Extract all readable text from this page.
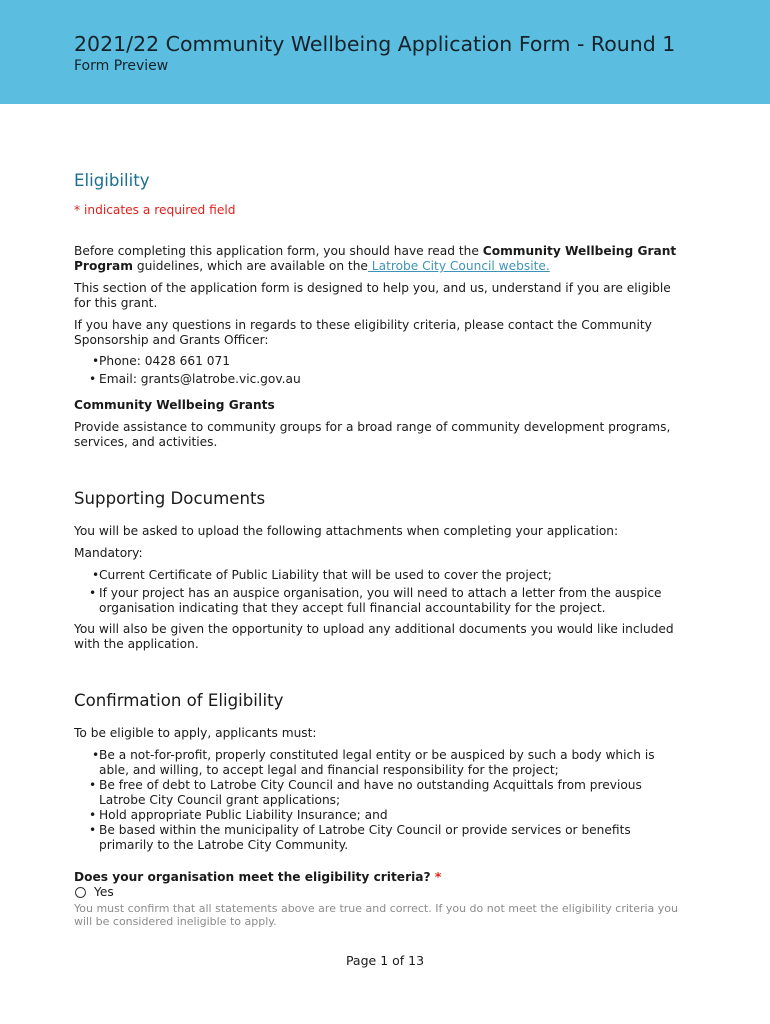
2021/22 Community Wellbeing Application Form - Round 1
Form Preview
Eligibility
* indicates a required field

Before completing this application form, you should have read the Community Wellbeing Grant Program guidelines, which are available on the Latrobe City Council website.

This section of the application form is designed to help you, and us, understand if you are eligible for this grant.

If you have any questions in regards to these eligibility criteria, please contact the Community Sponsorship and Grants Officer:

• Phone: 0428 661 071
• Email: grants@latrobe.vic.gov.au

Community Wellbeing Grants

Provide assistance to community groups for a broad range of community development programs, services, and activities.

Supporting Documents

You will be asked to upload the following attachments when completing your application:

Mandatory:

• Current Certificate of Public Liability that will be used to cover the project;
• If your project has an auspice organisation, you will need to attach a letter from the auspice organisation indicating that they accept full financial accountability for the project.

You will also be given the opportunity to upload any additional documents you would like included with the application.

Confirmation of Eligibility

To be eligible to apply, applicants must:

• Be a not-for-profit, properly constituted legal entity or be auspiced by such a body which is able, and willing, to accept legal and financial responsibility for the project;
• Be free of debt to Latrobe City Council and have no outstanding Acquittals from previous Latrobe City Council grant applications;
• Hold appropriate Public Liability Insurance; and
• Be based within the municipality of Latrobe City Council or provide services or benefits primarily to the Latrobe City Community.

Does your organisation meet the eligibility criteria? *

Yes

You must confirm that all statements above are true and correct. If you do not meet the eligibility criteria you will be considered ineligible to apply.

Page 1 of 13
